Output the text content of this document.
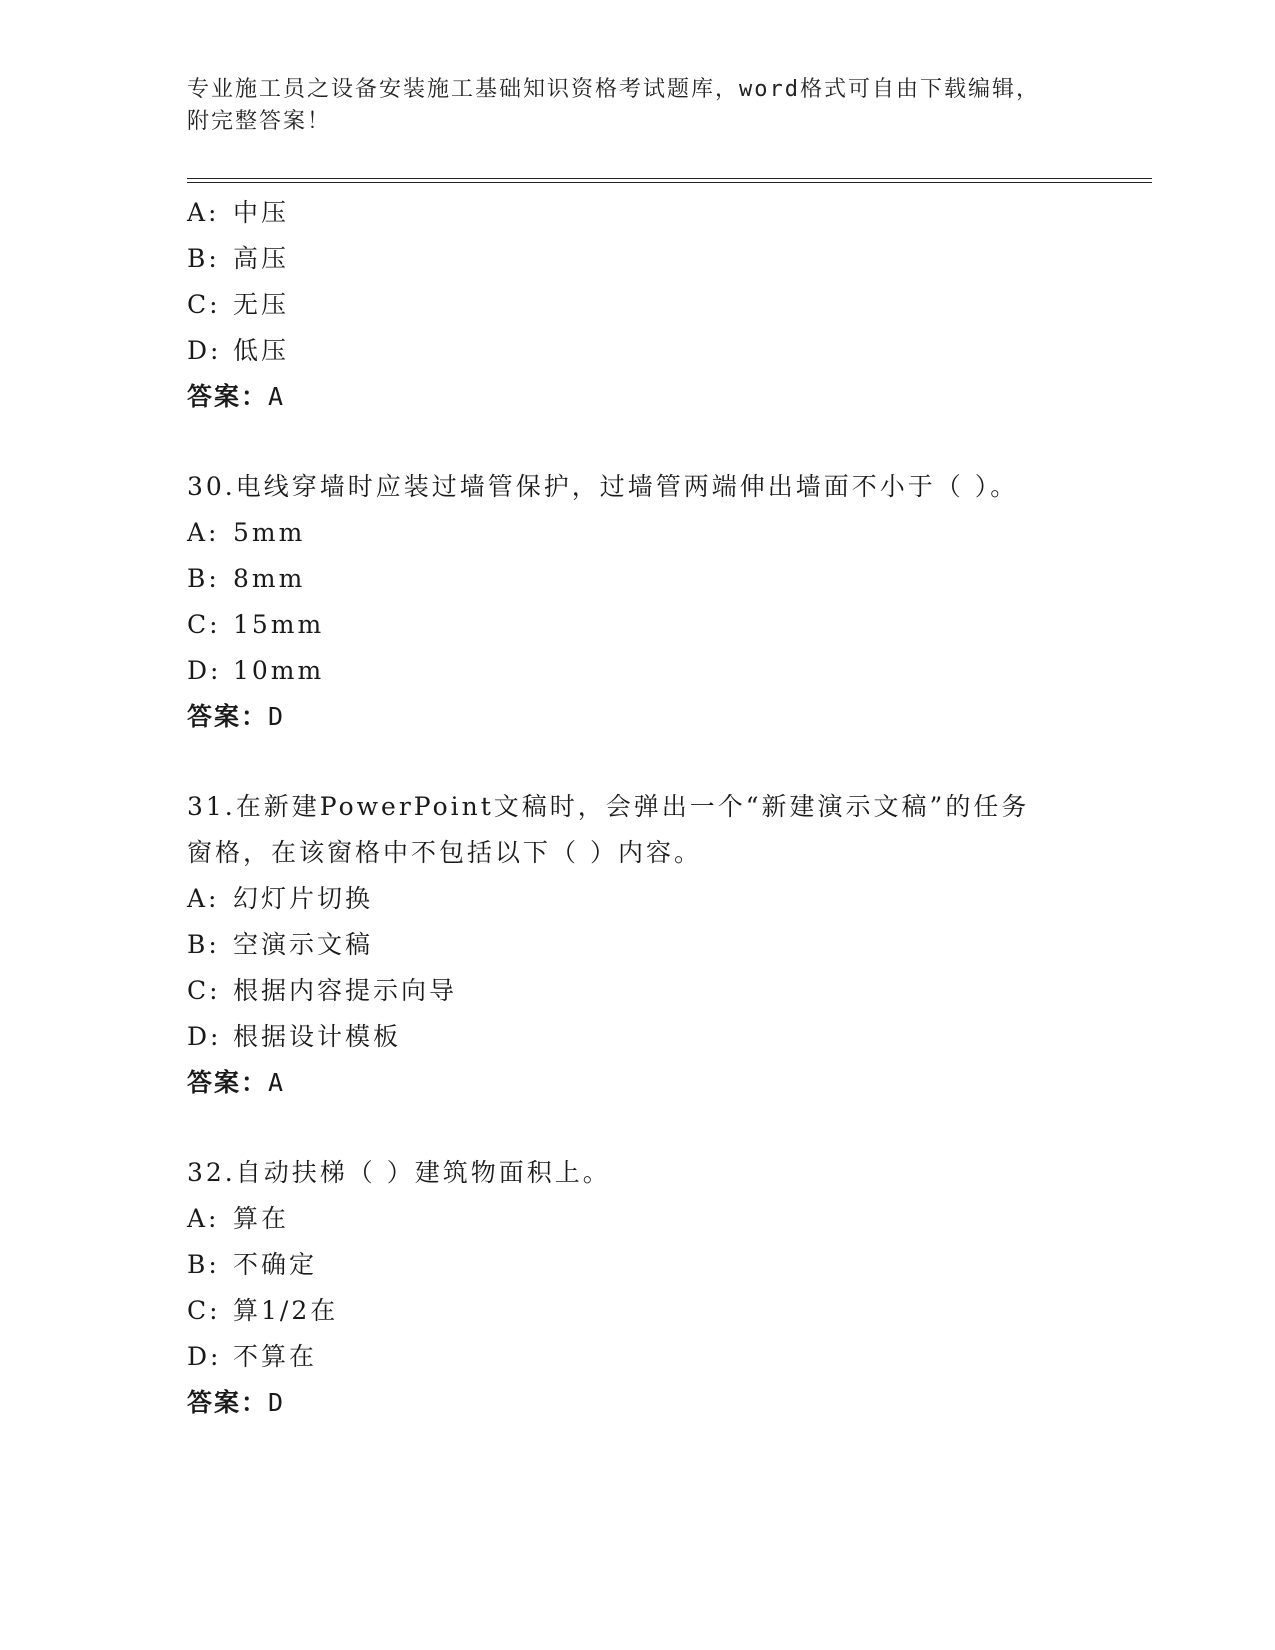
专业施工员之设备安装施工基础知识资格考试题库，word格式可自由下载编辑，
附完整答案！
A: 中压
B: 高压
C: 无压
D: 低压
答案：A
30.电线穿墙时应装过墙管保护，过墙管两端伸出墙面不小于（ ）。
A: 5mm
B: 8mm
C: 15mm
D: 10mm
答案：D
31.在新建PowerPoint文稿时，会弹出一个“新建演示文稿”的任务
窗格，在该窗格中不包括以下（ ）内容。
A: 幻灯片切换
B: 空演示文稿
C: 根据内容提示向导
D: 根据设计模板
答案：A
32.自动扶梯（ ）建筑物面积上。
A: 算在
B: 不确定
C: 算1/2在
D: 不算在
答案：D
